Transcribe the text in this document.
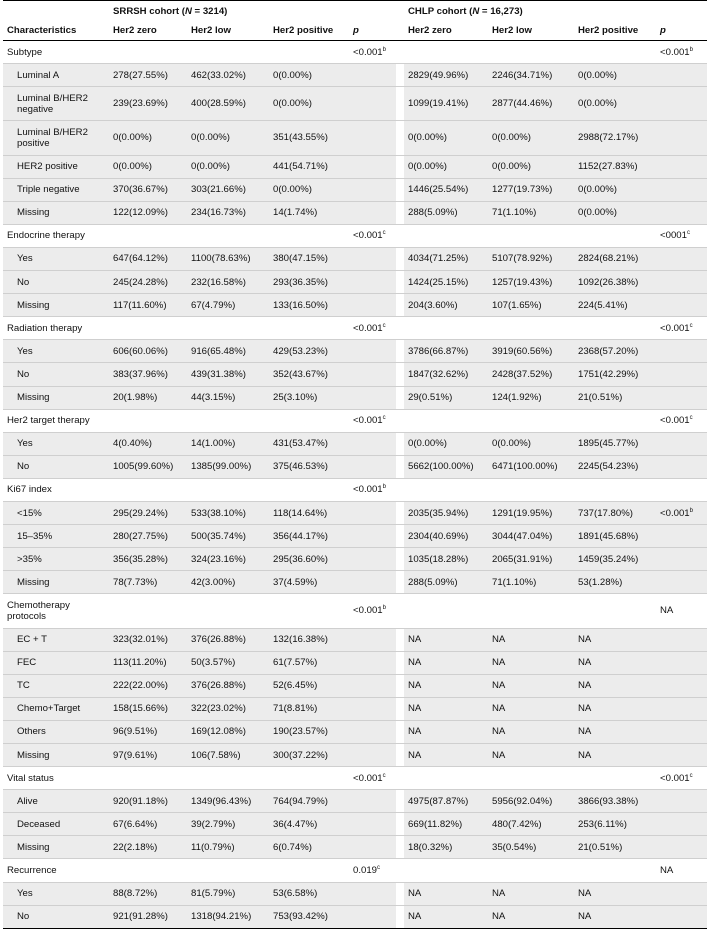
	SRRSH cohort (N = 3214)					CHLP cohort (N = 16,273)			
Characteristics	Her2 zero	Her2 low	Her2 positive	p		Her2 zero	Her2 low	Her2 positive	p
Subtype				<0.001$^b$					<0.001$^b$
Luminal A	278(27.55%)	462(33.02%)	0(0.00%)			2829(49.96%)	2246(34.71%)	0(0.00%)	
Luminal B/HER2 negative	239(23.69%)	400(28.59%)	0(0.00%)			1099(19.41%)	2877(44.46%)	0(0.00%)	
Luminal B/HER2 positive	0(0.00%)	0(0.00%)	351(43.55%)			0(0.00%)	0(0.00%)	2988(72.17%)	
HER2 positive	0(0.00%)	0(0.00%)	441(54.71%)			0(0.00%)	0(0.00%)	1152(27.83%)	
Triple negative	370(36.67%)	303(21.66%)	0(0.00%)			1446(25.54%)	1277(19.73%)	0(0.00%)	
Missing	122(12.09%)	234(16.73%)	14(1.74%)			288(5.09%)	71(1.10%)	0(0.00%)	
Endocrine therapy				<0.001$^c$					$<0001^c$
Yes	647(64.12%)	1100(78.63%)	380(47.15%)			4034(71.25%)	5107(78.92%)	2824(68.21%)	
No	245(24.28%)	232(16.58%)	293(36.35%)			1424(25.15%)	1257(19.43%)	1092(26.38%)	
Missing	117(11.60%)	67(4.79%)	133(16.50%)			204(3.60%)	107(1.65%)	224(5.41%)	
Radiation therapy				<0.001$^c$					<0.001$^c$
Yes	606(60.06%)	916(65.48%)	429(53.23%)			3786(66.87%)	3919(60.56%)	2368(57.20%)	
No	383(37.96%)	439(31.38%)	352(43.67%)			1847(32.62%)	2428(37.52%)	1751(42.29%)	
Missing	20(1.98%)	44(3.15%)	25(3.10%)			29(0.51%)	124(1.92%)	21(0.51%)	
Her2 target therapy				<0.001$^c$					<0.001$^c$
Yes	4(0.40%)	14(1.00%)	431(53.47%)			0(0.00%)	0(0.00%)	1895(45.77%)	
No	1005(99.60%)	1385(99.00%)	375(46.53%)			5662(100.00%)	6471(100.00%)	2245(54.23%)	
Ki67 index				<0.001$^b$					
<15%	295(29.24%)	533(38.10%)	118(14.64%)			2035(35.94%)	1291(19.95%)	737(17.80%)	<0.001$^b$
15–35%	280(27.75%)	500(35.74%)	356(44.17%)			2304(40.69%)	3044(47.04%)	1891(45.68%)	
>35%	356(35.28%)	324(23.16%)	295(36.60%)			1035(18.28%)	2065(31.91%)	1459(35.24%)	
Missing	78(7.73%)	42(3.00%)	37(4.59%)			288(5.09%)	71(1.10%)	53(1.28%)	
Chemotherapy protocols				<0.001$^b$					NA
EC + T	323(32.01%)	376(26.88%)	132(16.38%)			NA	NA	NA	
FEC	113(11.20%)	50(3.57%)	61(7.57%)			NA	NA	NA	
TC	222(22.00%)	376(26.88%)	52(6.45%)			NA	NA	NA	
Chemo+Target	158(15.66%)	322(23.02%)	71(8.81%)			NA	NA	NA	
Others	96(9.51%)	169(12.08%)	190(23.57%)			NA	NA	NA	
Missing	97(9.61%)	106(7.58%)	300(37.22%)			NA	NA	NA	
Vital status				<0.001$^c$					<0.001$^c$
Alive	920(91.18%)	1349(96.43%)	764(94.79%)			4975(87.87%)	5956(92.04%)	3866(93.38%)	
Deceased	67(6.64%)	39(2.79%)	36(4.47%)			669(11.82%)	480(7.42%)	253(6.11%)	
Missing	22(2.18%)	11(0.79%)	6(0.74%)			18(0.32%)	35(0.54%)	21(0.51%)	
Recurrence				0.019$^c$					NA
Yes	88(8.72%)	81(5.79%)	53(6.58%)			NA	NA	NA	
No	921(91.28%)	1318(94.21%)	753(93.42%)			NA	NA	NA	
